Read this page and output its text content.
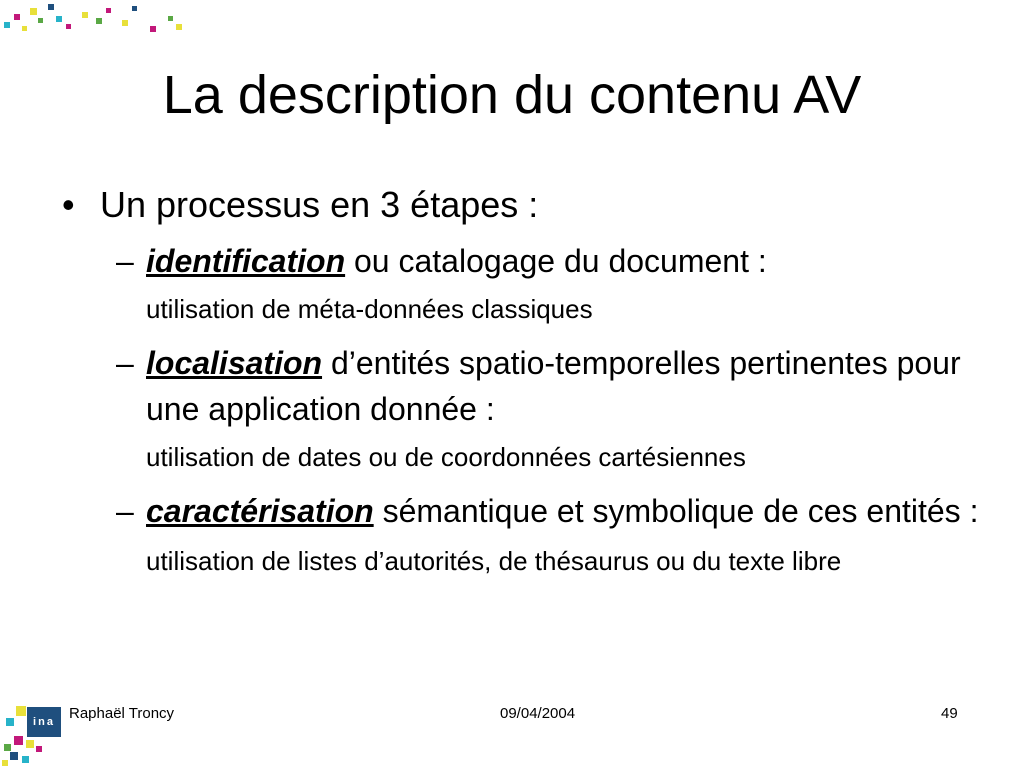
La description du contenu AV
• Un processus en 3 étapes :
– identification ou catalogage du document :
utilisation de méta-données classiques
– localisation d’entités spatio-temporelles pertinentes pour une application donnée :
utilisation de dates ou de coordonnées cartésiennes
– caractérisation sémantique et symbolique de ces entités : utilisation de listes d’autorités, de thésaurus ou du texte libre
ina Raphaël Troncy	09/04/2004	49
